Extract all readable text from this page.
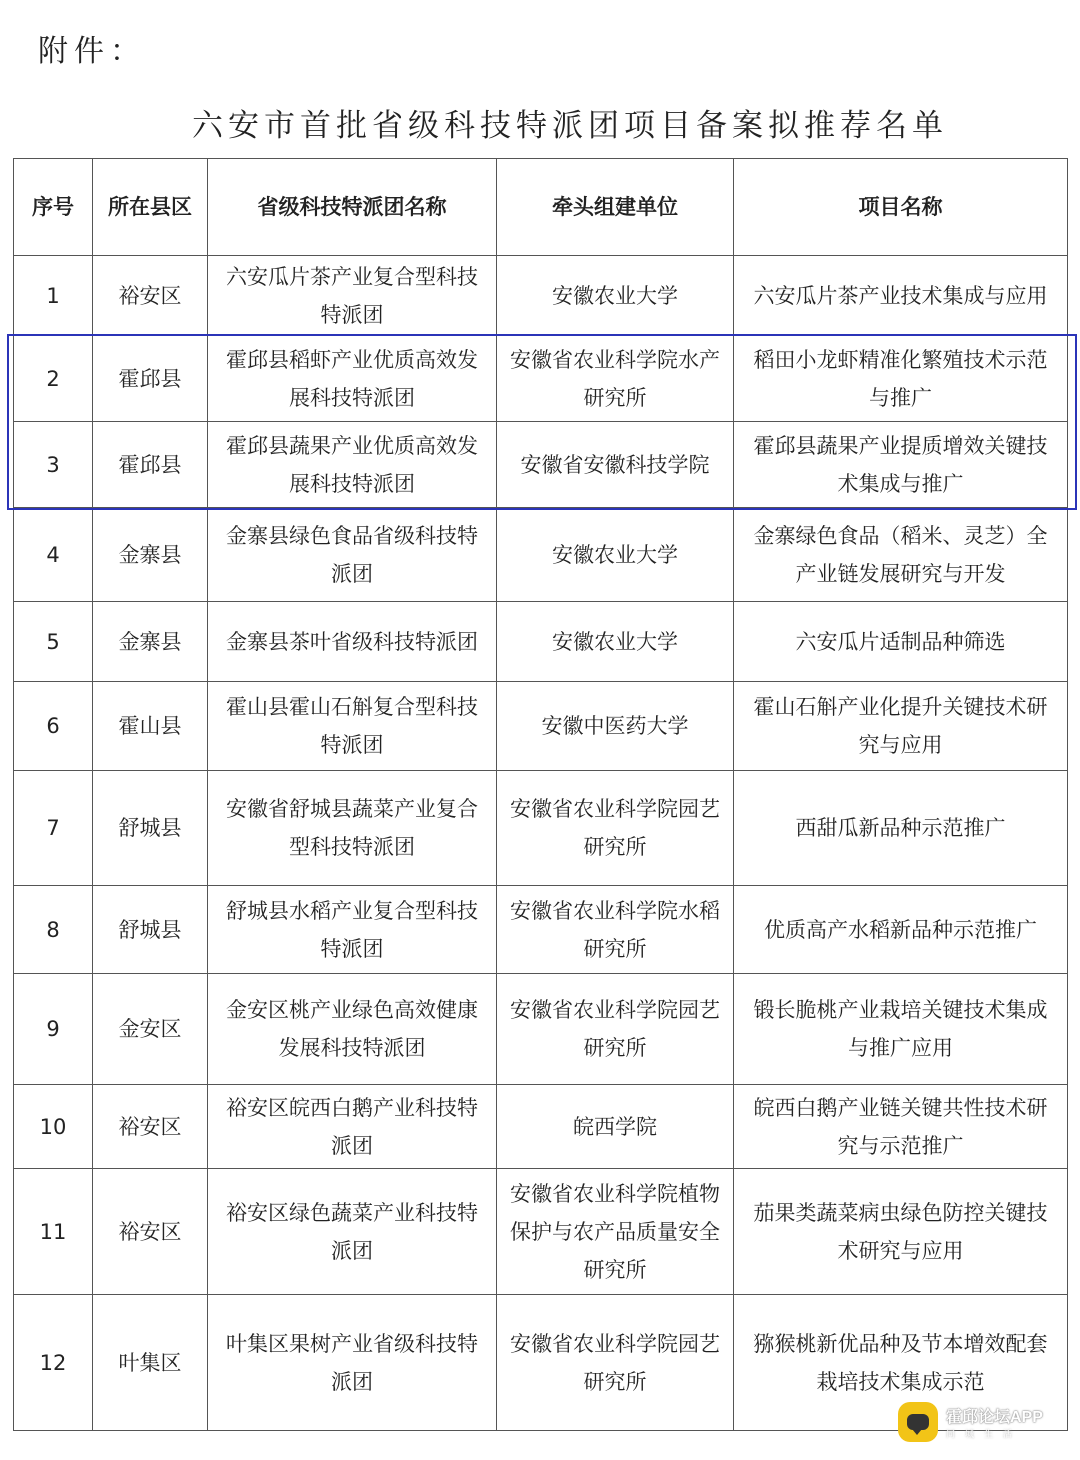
附件：
六安市首批省级科技特派团项目备案拟推荐名单
序号	所在县区	省级科技特派团名称	牵头组建单位	项目名称
1	裕安区	六安瓜片茶产业复合型科技特派团	安徽农业大学	六安瓜片茶产业技术集成与应用
2	霍邱县	霍邱县稻虾产业优质高效发展科技特派团	安徽省农业科学院水产研究所	稻田小龙虾精准化繁殖技术示范与推广
3	霍邱县	霍邱县蔬果产业优质高效发展科技特派团	安徽省安徽科技学院	霍邱县蔬果产业提质增效关键技术集成与推广
4	金寨县	金寨县绿色食品省级科技特派团	安徽农业大学	金寨绿色食品（稻米、灵芝）全产业链发展研究与开发
5	金寨县	金寨县茶叶省级科技特派团	安徽农业大学	六安瓜片适制品种筛选
6	霍山县	霍山县霍山石斛复合型科技特派团	安徽中医药大学	霍山石斛产业化提升关键技术研究与应用
7	舒城县	安徽省舒城县蔬菜产业复合型科技特派团	安徽省农业科学院园艺研究所	西甜瓜新品种示范推广
8	舒城县	舒城县水稻产业复合型科技特派团	安徽省农业科学院水稻研究所	优质高产水稻新品种示范推广
9	金安区	金安区桃产业绿色高效健康发展科技特派团	安徽省农业科学院园艺研究所	锻长脆桃产业栽培关键技术集成与推广应用
10	裕安区	裕安区皖西白鹅产业科技特派团	皖西学院	皖西白鹅产业链关键共性技术研究与示范推广
11	裕安区	裕安区绿色蔬菜产业科技特派团	安徽省农业科学院植物保护与农产品质量安全研究所	茄果类蔬菜病虫绿色防控关键技术研究与应用
12	叶集区	叶集区果树产业省级科技特派团	安徽省农业科学院园艺研究所	猕猴桃新优品种及节本增效配套栽培技术集成示范
霍邱论坛APP
同城生活
